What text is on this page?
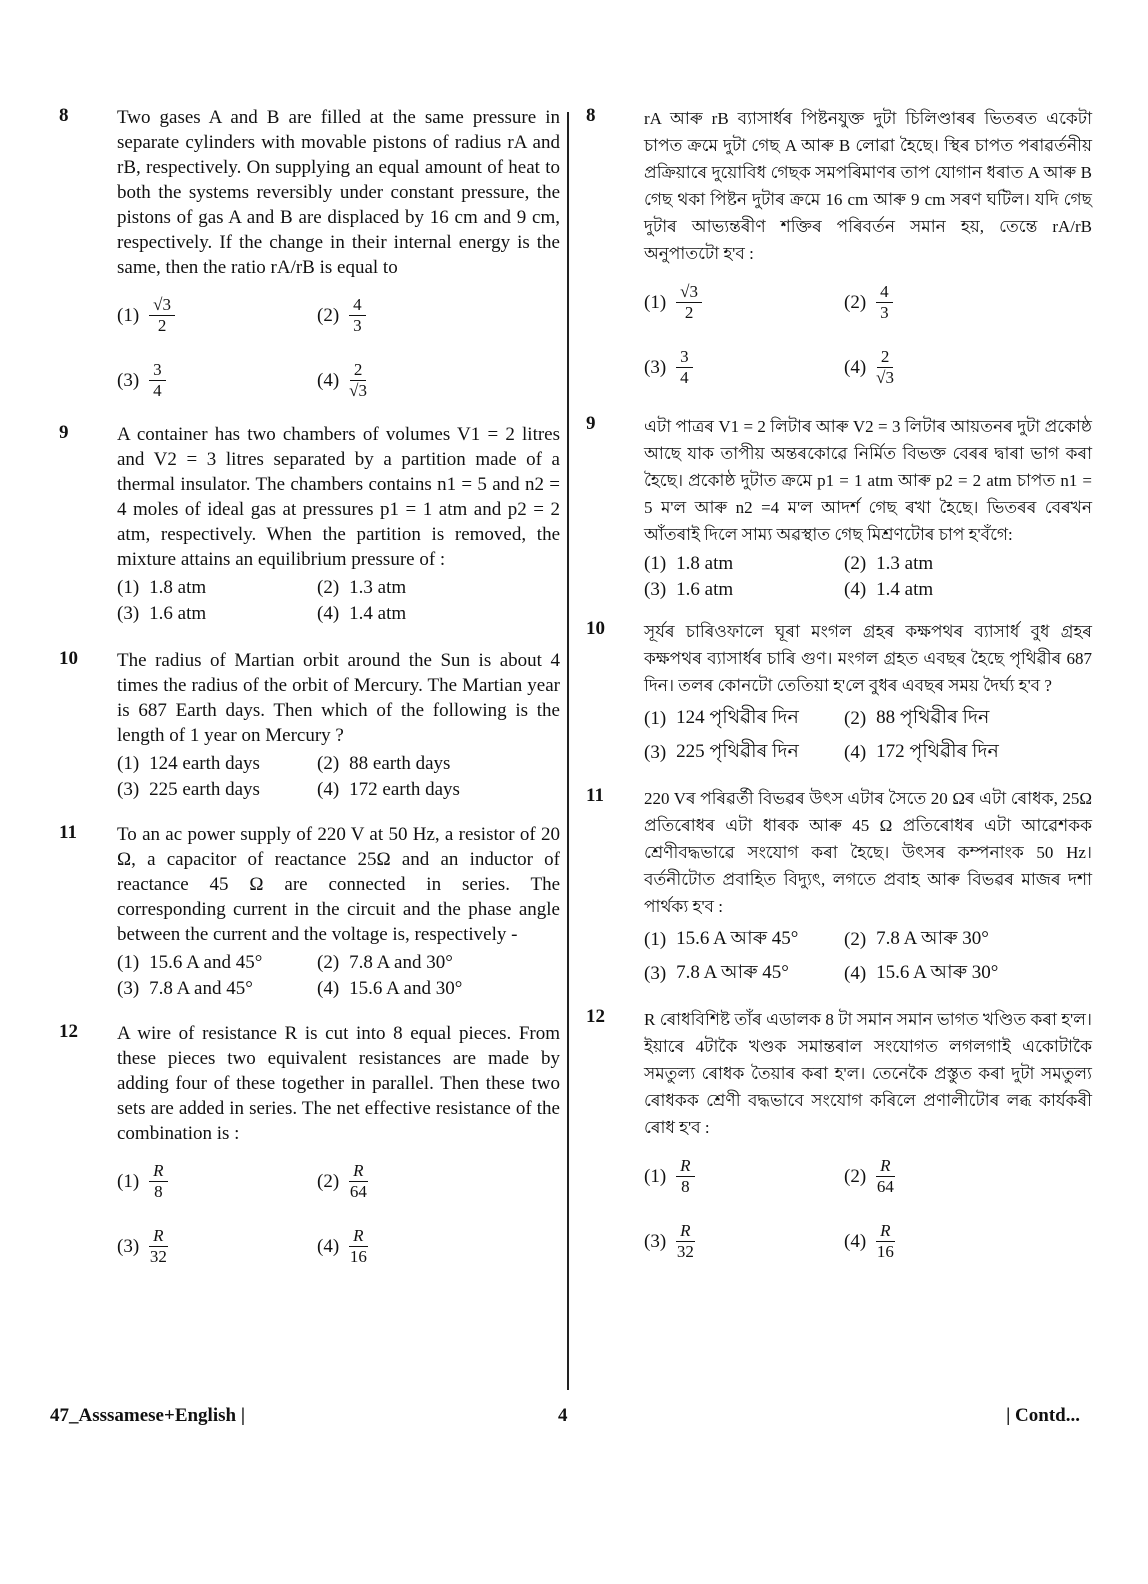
8	Two gases A and B are filled at the same pressure in separate cylinders with movable pistons of radius rA and rB, respectively. On supplying an equal amount of heat to both the systems reversibly under constant pressure, the pistons of gas A and B are displaced by 16 cm and 9 cm, respectively. If the change in their internal energy is the same, then the ratio rA/rB is equal to
$(1) \frac{√3}{2}$	$(2) \frac{4}{3}$
$(3) \frac{3}{4}$	$(4) \frac{2}{√3}$
9	A container has two chambers of volumes V1 = 2 litres and V2 = 3 litres separated by a partition made of a thermal insulator. The chambers contains n1 = 5 and n2 = 4 moles of ideal gas at pressures p1 = 1 atm and p2 = 2 atm, respectively. When the partition is removed, the mixture attains an equilibrium pressure of :
(1) 1.8 atm	(2) 1.3 atm
(3) 1.6 atm	(4) 1.4 atm
10 The radius of Martian orbit around the Sun is about 4 times the radius of the orbit of Mercury. The Martian year is 687 Earth days. Then which of the following is the length of 1 year on Mercury ?
(1) 124 earth days	(2) 88 earth days
(3) 225 earth days	(4) 172 earth days
11 To an ac power supply of 220 V at 50 Hz, a resistor of 20 Ω, a capacitor of reactance 25Ω and an inductor of reactance 45 Ω are connected in series. The corresponding current in the circuit and the phase angle between the current and the voltage is, respectively -
(1) 15.6 A and 45°	(2) 7.8 A and 30°
(3) 7.8 A and 45°	(4) 15.6 A and 30°
12 A wire of resistance R is cut into 8 equal pieces. From these pieces two equivalent resistances are made by adding four of these together in parallel. Then these two sets are added in series. The net effective resistance of the combination is :
$(1) \frac{R}{8}$	$(2) \frac{R}{64}$
$(3) \frac{R}{32}$	$(4) \frac{R}{16}$
8	rA আৰু rB ব্যাসাৰ্ধৰ পিষ্টনযুক্ত দুটা চিলিণ্ডাৰৰ ভিতৰত একেটা চাপত ক্ৰমে দুটা গেছ A আৰু B লোৱা হৈছে। স্থিৰ চাপত পৰাৱৰ্তনীয় প্ৰক্ৰিয়াৰে দুয়োবিধ গেছক সমপৰিমাণৰ তাপ যোগান ধৰাত A আৰু B গেছ থকা পিষ্টন দুটাৰ ক্ৰমে 16 cm আৰু 9 cm সৰণ ঘটিল। যদি গেছ দুটাৰ আভ্যন্তৰীণ শক্তিৰ পৰিবৰ্তন সমান হয়, তেন্তে rA/rB অনুপাতটো হ'ব :
$(1) \frac{√3}{2}$	$(2) \frac{4}{3}$
$(3) \frac{3}{4}$	$(4) \frac{2}{√3}$
9	এটা পাত্ৰৰ V1 = 2 লিটাৰ আৰু V2 = 3 লিটাৰ আয়তনৰ দুটা প্ৰকোষ্ঠ আছে যাক তাপীয় অন্তৰকোৱে নিৰ্মিত বিভক্ত বেৰৰ দ্বাৰা ভাগ কৰা হৈছে। প্ৰকোষ্ঠ দুটাত ক্ৰমে p1 = 1 atm আৰু p2 = 2 atm চাপত n1 = 5 ম'ল আৰু n2 =4 ম'ল আদৰ্শ গেছ ৰখা হৈছে। ভিতৰৰ বেৰখন আঁতৰাই দিলে সাম্য অৱস্থাত গেছ মিশ্ৰণটোৰ চাপ হ'বঁগে:
(1) 1.8 atm	(2) 1.3 atm
(3) 1.6 atm	(4) 1.4 atm
10 সূৰ্যৰ চাৰিওফালে ঘূৰা মংগল গ্ৰহৰ কক্ষপথৰ ব্যাসাৰ্ধ বুধ গ্ৰহৰ কক্ষপথৰ ব্যাসাৰ্ধৰ চাৰি গুণ। মংগল গ্ৰহত এবছৰ হৈছে পৃথিৱীৰ 687 দিন। তলৰ কোনটো তেতিয়া হ'লে বুধৰ এবছৰ সময় দৈৰ্ঘ্য হ'ব ?
(1) 124 পৃথিৱীৰ দিন (2) 88 পৃথিৱীৰ দিন
(3) 225 পৃথিৱীৰ দিন (4) 172 পৃথিৱীৰ দিন
11 220 Vৰ পৰিৱৰ্তী বিভৱৰ উৎস এটাৰ সৈতে 20 Ωৰ এটা ৰোধক, 25Ω প্ৰতিৰোধৰ এটা ধাৰক আৰু 45 Ω প্ৰতিৰোধৰ এটা আৱেশকক শ্ৰেণীবদ্ধভাৱে সংযোগ কৰা হৈছে। উৎসৰ কম্পনাংক 50 Hz। বৰ্তনীটোত প্ৰবাহিত বিদ্যুৎ, লগতে প্ৰবাহ আৰু বিভৱৰ মাজৰ দশা পাৰ্থক্য হ'ব :
(1) 15.6 A আৰু 45° (2) 7.8 A আৰু 30°
(3) 7.8 A আৰু 45°	(4) 15.6 A আৰু 30°
12 R ৰোধবিশিষ্ট তাঁৰ এডালক 8 টা সমান সমান ভাগত খণ্ডিত কৰা হ'ল। ইয়াৰে 4টাকৈ খণ্ডক সমান্তৰাল সংযোগত লগলগাই একোটাকৈ সমতুল্য ৰোধক তৈয়াৰ কৰা হ'ল। তেনেকৈ প্ৰস্তুত কৰা দুটা সমতুল্য ৰোধকক শ্ৰেণী বদ্ধভাবে সংযোগ কৰিলে প্ৰণালীটোৰ লব্ধ কাৰ্যকৰী ৰোধ হ'ব :
$(1) \frac{R}{8}$	$(2) \frac{R}{64}$
$(3) \frac{R}{32}$	$(4) \frac{R}{16}$
47_Asssamese+English |	4	| Contd...
